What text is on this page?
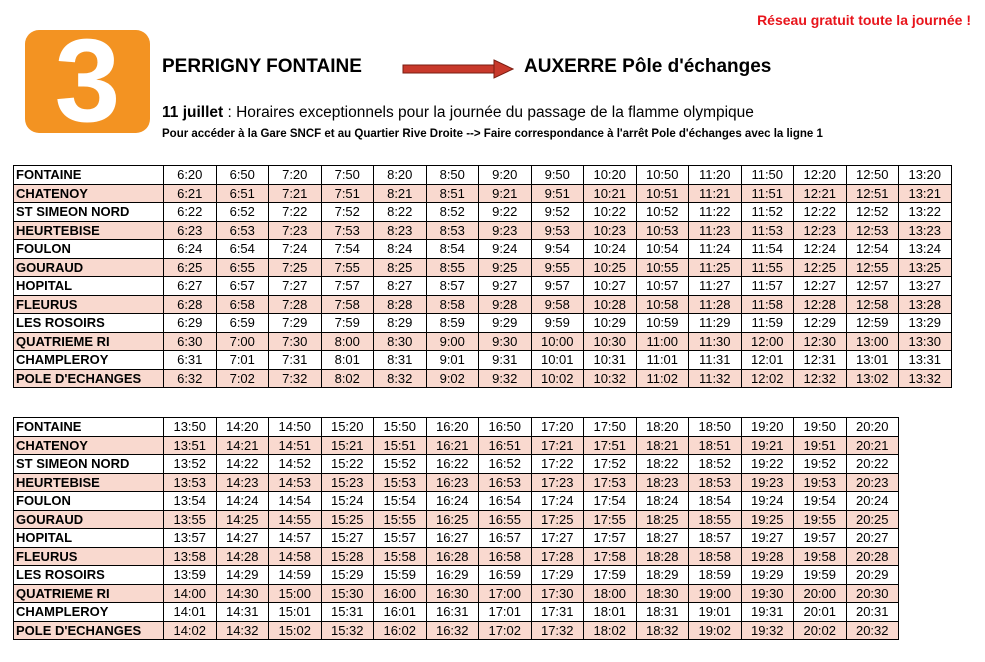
Réseau gratuit toute la journée !
3	PERRIGNY FONTAINE	AUXERRE Pôle d'échanges
11 juillet : Horaires exceptionnels pour la journée du passage de la flamme olympique
Pour accéder à la Gare SNCF et au Quartier Rive Droite --> Faire correspondance à l'arrêt Pole d'échanges avec la ligne 1
FONTAINE	6:20	6:50	7:20	7:50	8:20	8:50	9:20	9:50	10:20	10:50	11:20	11:50	12:20	12:50	13:20
CHATENOY	6:21	6:51	7:21	7:51	8:21	8:51	9:21	9:51	10:21	10:51	11:21	11:51	12:21	12:51	13:21
ST SIMEON NORD	6:22	6:52	7:22	7:52	8:22	8:52	9:22	9:52	10:22	10:52	11:22	11:52	12:22	12:52	13:22
HEURTEBISE	6:23	6:53	7:23	7:53	8:23	8:53	9:23	9:53	10:23	10:53	11:23	11:53	12:23	12:53	13:23
FOULON	6:24	6:54	7:24	7:54	8:24	8:54	9:24	9:54	10:24	10:54	11:24	11:54	12:24	12:54	13:24
GOURAUD	6:25	6:55	7:25	7:55	8:25	8:55	9:25	9:55	10:25	10:55	11:25	11:55	12:25	12:55	13:25
HOPITAL	6:27	6:57	7:27	7:57	8:27	8:57	9:27	9:57	10:27	10:57	11:27	11:57	12:27	12:57	13:27
FLEURUS	6:28	6:58	7:28	7:58	8:28	8:58	9:28	9:58	10:28	10:58	11:28	11:58	12:28	12:58	13:28
LES ROSOIRS	6:29	6:59	7:29	7:59	8:29	8:59	9:29	9:59	10:29	10:59	11:29	11:59	12:29	12:59	13:29
QUATRIEME RI	6:30	7:00	7:30	8:00	8:30	9:00	9:30	10:00	10:30	11:00	11:30	12:00	12:30	13:00	13:30
CHAMPLEROY	6:31	7:01	7:31	8:01	8:31	9:01	9:31	10:01	10:31	11:01	11:31	12:01	12:31	13:01	13:31
POLE D'ECHANGES	6:32	7:02	7:32	8:02	8:32	9:02	9:32	10:02	10:32	11:02	11:32	12:02	12:32	13:02	13:32
FONTAINE	13:50	14:20	14:50	15:20	15:50	16:20	16:50	17:20	17:50	18:20	18:50	19:20	19:50	20:20
CHATENOY	13:51	14:21	14:51	15:21	15:51	16:21	16:51	17:21	17:51	18:21	18:51	19:21	19:51	20:21
ST SIMEON NORD	13:52	14:22	14:52	15:22	15:52	16:22	16:52	17:22	17:52	18:22	18:52	19:22	19:52	20:22
HEURTEBISE	13:53	14:23	14:53	15:23	15:53	16:23	16:53	17:23	17:53	18:23	18:53	19:23	19:53	20:23
FOULON	13:54	14:24	14:54	15:24	15:54	16:24	16:54	17:24	17:54	18:24	18:54	19:24	19:54	20:24
GOURAUD	13:55	14:25	14:55	15:25	15:55	16:25	16:55	17:25	17:55	18:25	18:55	19:25	19:55	20:25
HOPITAL	13:57	14:27	14:57	15:27	15:57	16:27	16:57	17:27	17:57	18:27	18:57	19:27	19:57	20:27
FLEURUS	13:58	14:28	14:58	15:28	15:58	16:28	16:58	17:28	17:58	18:28	18:58	19:28	19:58	20:28
LES ROSOIRS	13:59	14:29	14:59	15:29	15:59	16:29	16:59	17:29	17:59	18:29	18:59	19:29	19:59	20:29
QUATRIEME RI	14:00	14:30	15:00	15:30	16:00	16:30	17:00	17:30	18:00	18:30	19:00	19:30	20:00	20:30
CHAMPLEROY	14:01	14:31	15:01	15:31	16:01	16:31	17:01	17:31	18:01	18:31	19:01	19:31	20:01	20:31
POLE D'ECHANGES	14:02	14:32	15:02	15:32	16:02	16:32	17:02	17:32	18:02	18:32	19:02	19:32	20:02	20:32
